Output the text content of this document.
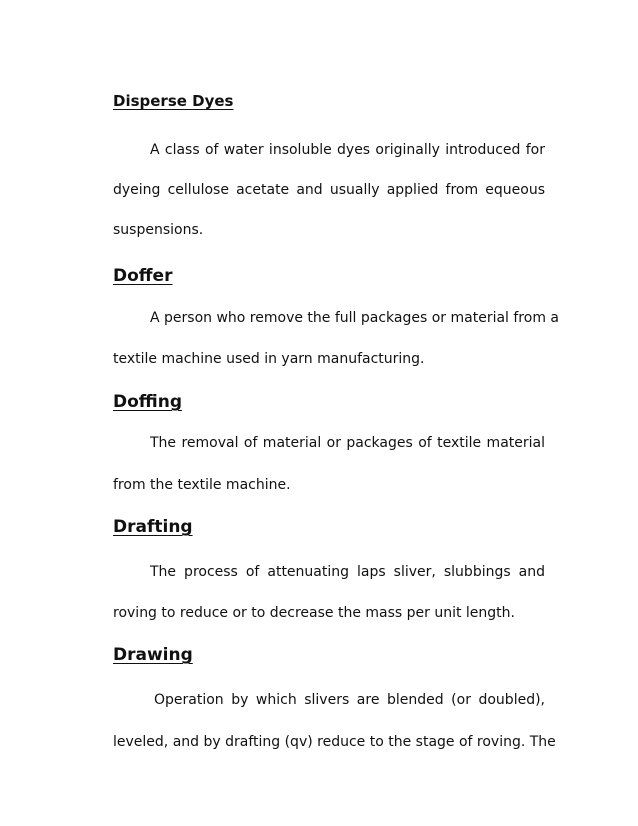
Disperse Dyes
A class of water insoluble dyes originally introduced for
dyeing cellulose acetate and usually applied from equeous
suspensions.
Doffer
A person who remove the full packages or material from a
textile machine used in yarn manufacturing.
Doffing
The removal of material or packages of textile material
from the textile machine.
Drafting
The process of attenuating laps sliver, slubbings and
roving to reduce or to decrease the mass per unit length.
Drawing
Operation by which slivers are blended (or doubled),
leveled, and by drafting (qv) reduce to the stage of roving. The
